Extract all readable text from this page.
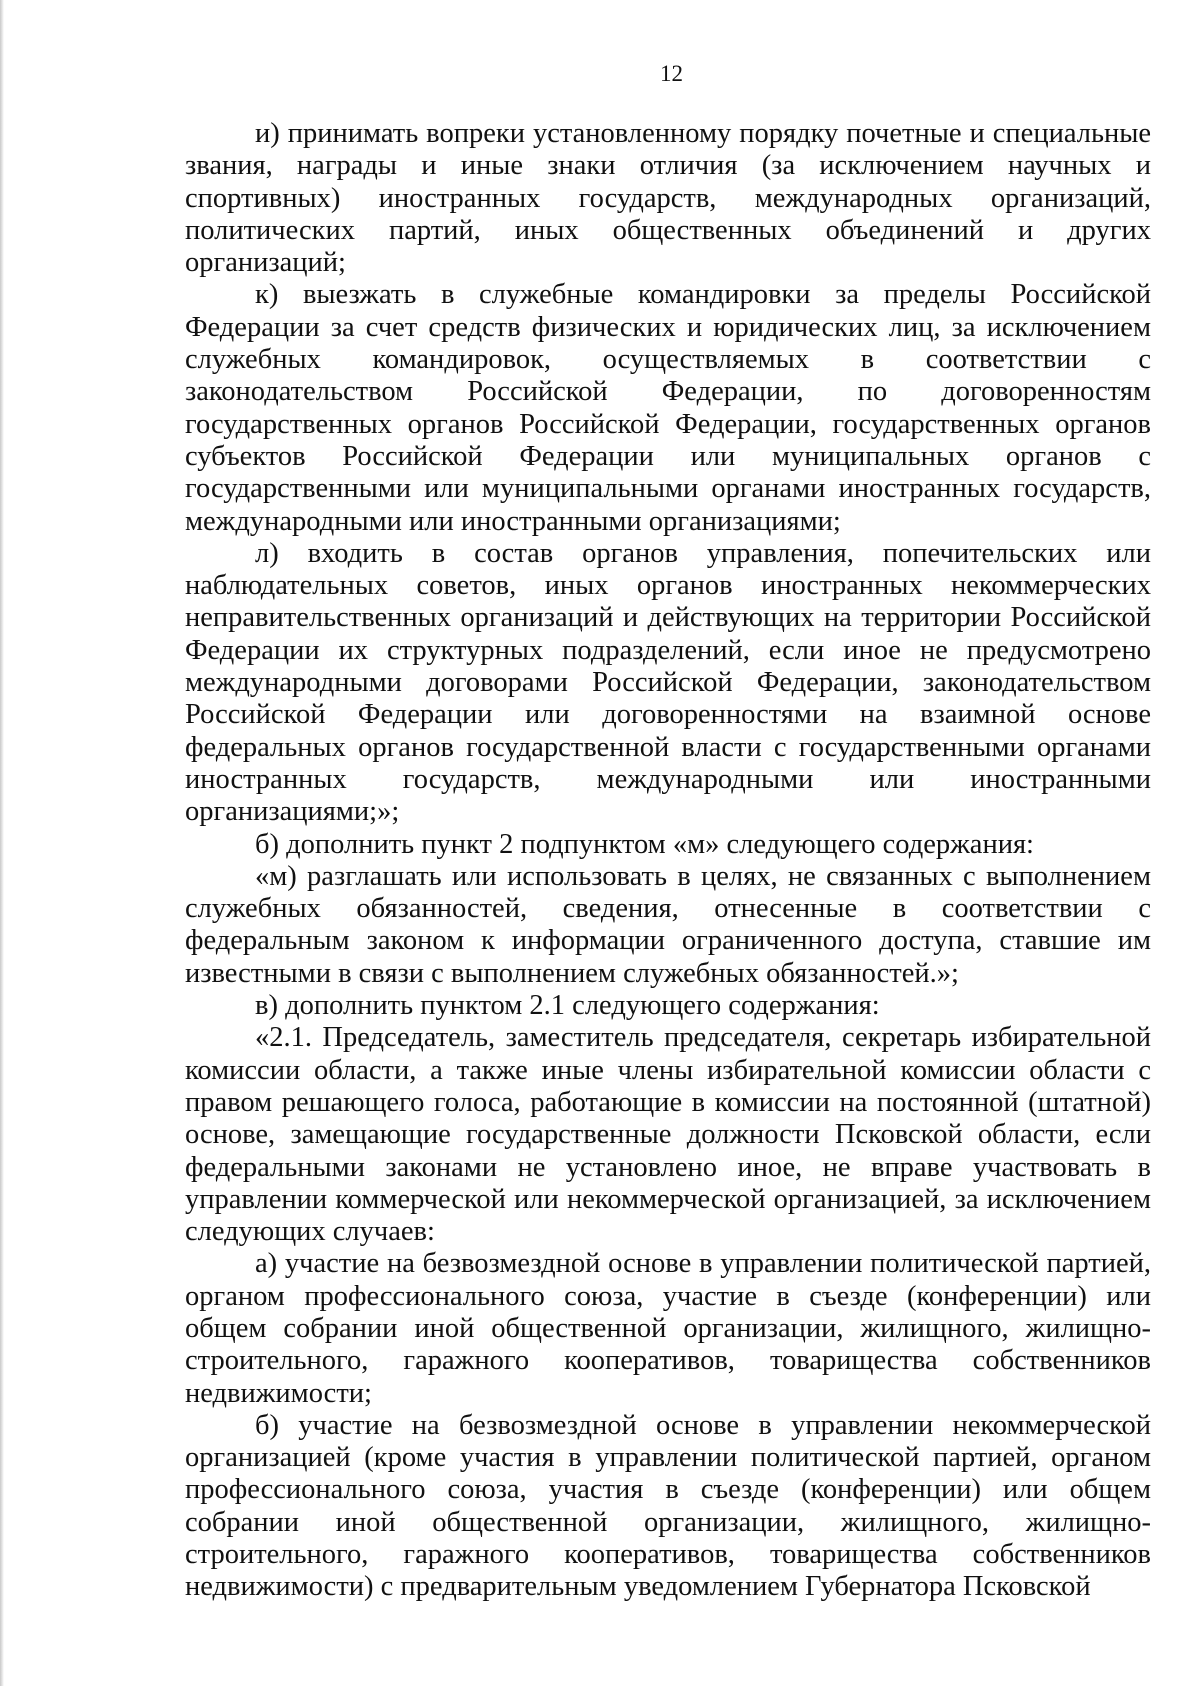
12

и) принимать вопреки установленному порядку почетные и специальные звания, награды и иные знаки отличия (за исключением научных и спортивных) иностранных государств, международных организаций, политических партий, иных общественных объединений и других организаций;

к) выезжать в служебные командировки за пределы Российской Федерации за счет средств физических и юридических лиц, за исключением служебных командировок, осуществляемых в соответствии с законодательством Российской Федерации, по договоренностям государственных органов Российской Федерации, государственных органов субъектов Российской Федерации или муниципальных органов с государственными или муниципальными органами иностранных государств, международными или иностранными организациями;

л) входить в состав органов управления, попечительских или наблюдательных советов, иных органов иностранных некоммерческих неправительственных организаций и действующих на территории Российской Федерации их структурных подразделений, если иное не предусмотрено международными договорами Российской Федерации, законодательством Российской Федерации или договоренностями на взаимной основе федеральных органов государственной власти с государственными органами иностранных государств, международными или иностранными организациями;»;

б) дополнить пункт 2 подпунктом «м» следующего содержания:

«м) разглашать или использовать в целях, не связанных с выполнением служебных обязанностей, сведения, отнесенные в соответствии с федеральным законом к информации ограниченного доступа, ставшие им известными в связи с выполнением служебных обязанностей.»;

в) дополнить пунктом 2.1 следующего содержания:

«2.1. Председатель, заместитель председателя, секретарь избирательной комиссии области, а также иные члены избирательной комиссии области с правом решающего голоса, работающие в комиссии на постоянной (штатной) основе, замещающие государственные должности Псковской области, если федеральными законами не установлено иное, не вправе участвовать в управлении коммерческой или некоммерческой организацией, за исключением следующих случаев:

а) участие на безвозмездной основе в управлении политической партией, органом профессионального союза, участие в съезде (конференции) или общем собрании иной общественной организации, жилищного, жилищно-строительного, гаражного кооперативов, товарищества собственников недвижимости;

б) участие на безвозмездной основе в управлении некоммерческой организацией (кроме участия в управлении политической партией, органом профессионального союза, участия в съезде (конференции) или общем собрании иной общественной организации, жилищного, жилищно-строительного, гаражного кооперативов, товарищества собственников недвижимости) с предварительным уведомлением Губернатора Псковской
